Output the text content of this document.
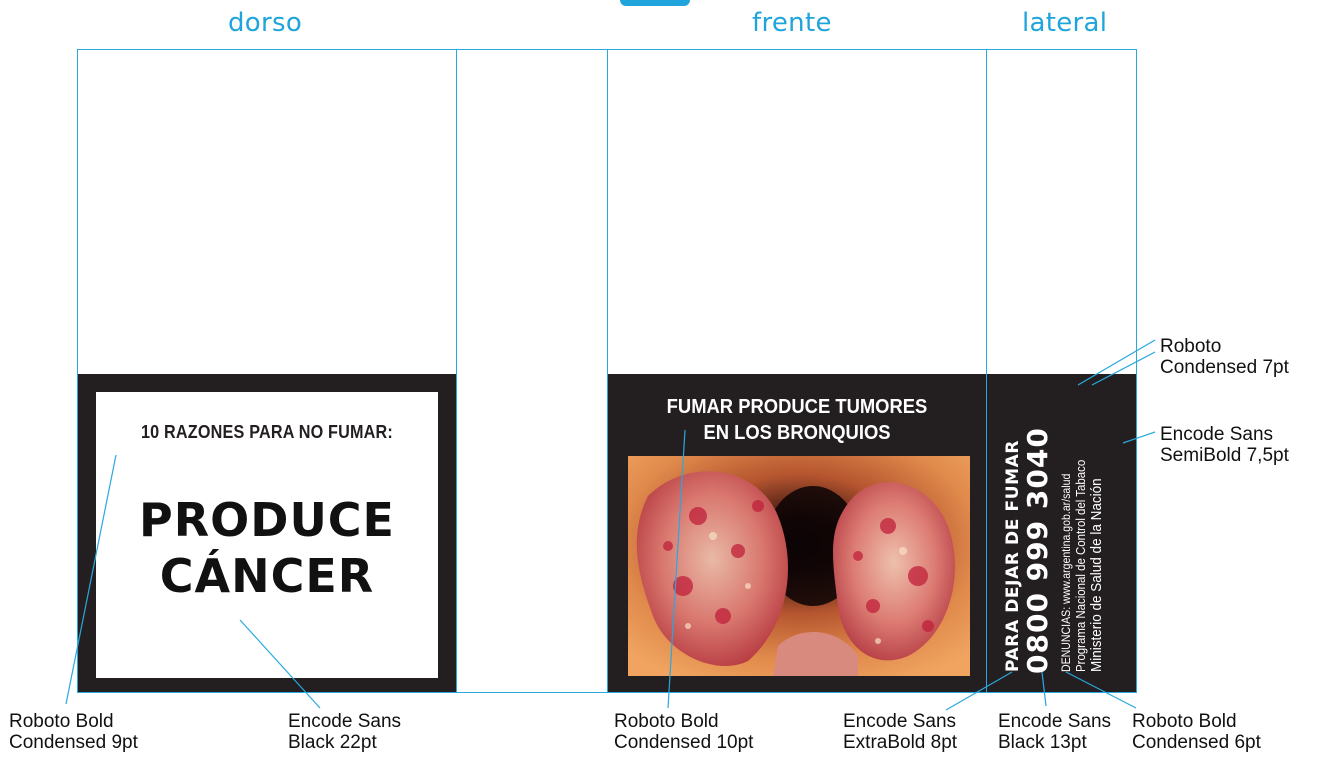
dorso	frente	lateral
10 RAZONES PARA NO FUMAR:
PRODUCE
CÁNCER
FUMAR PRODUCE TUMORES
EN LOS BRONQUIOS
PARA DEJAR DE FUMAR
0800 999 3040 DENUNCIAS: www.argentina.gob.ar/salud Programa Nacional de Control del Tabaco Ministerio de Salud de la Nación
Roboto Bold
Condensed 9pt
Encode Sans
Black 22pt
Roboto Bold
Condensed 10pt
Encode Sans
ExtraBold 8pt
Encode Sans
Black 13pt
Roboto Bold
Condensed 6pt
Roboto
Condensed 7pt
Encode Sans
SemiBold 7,5pt
